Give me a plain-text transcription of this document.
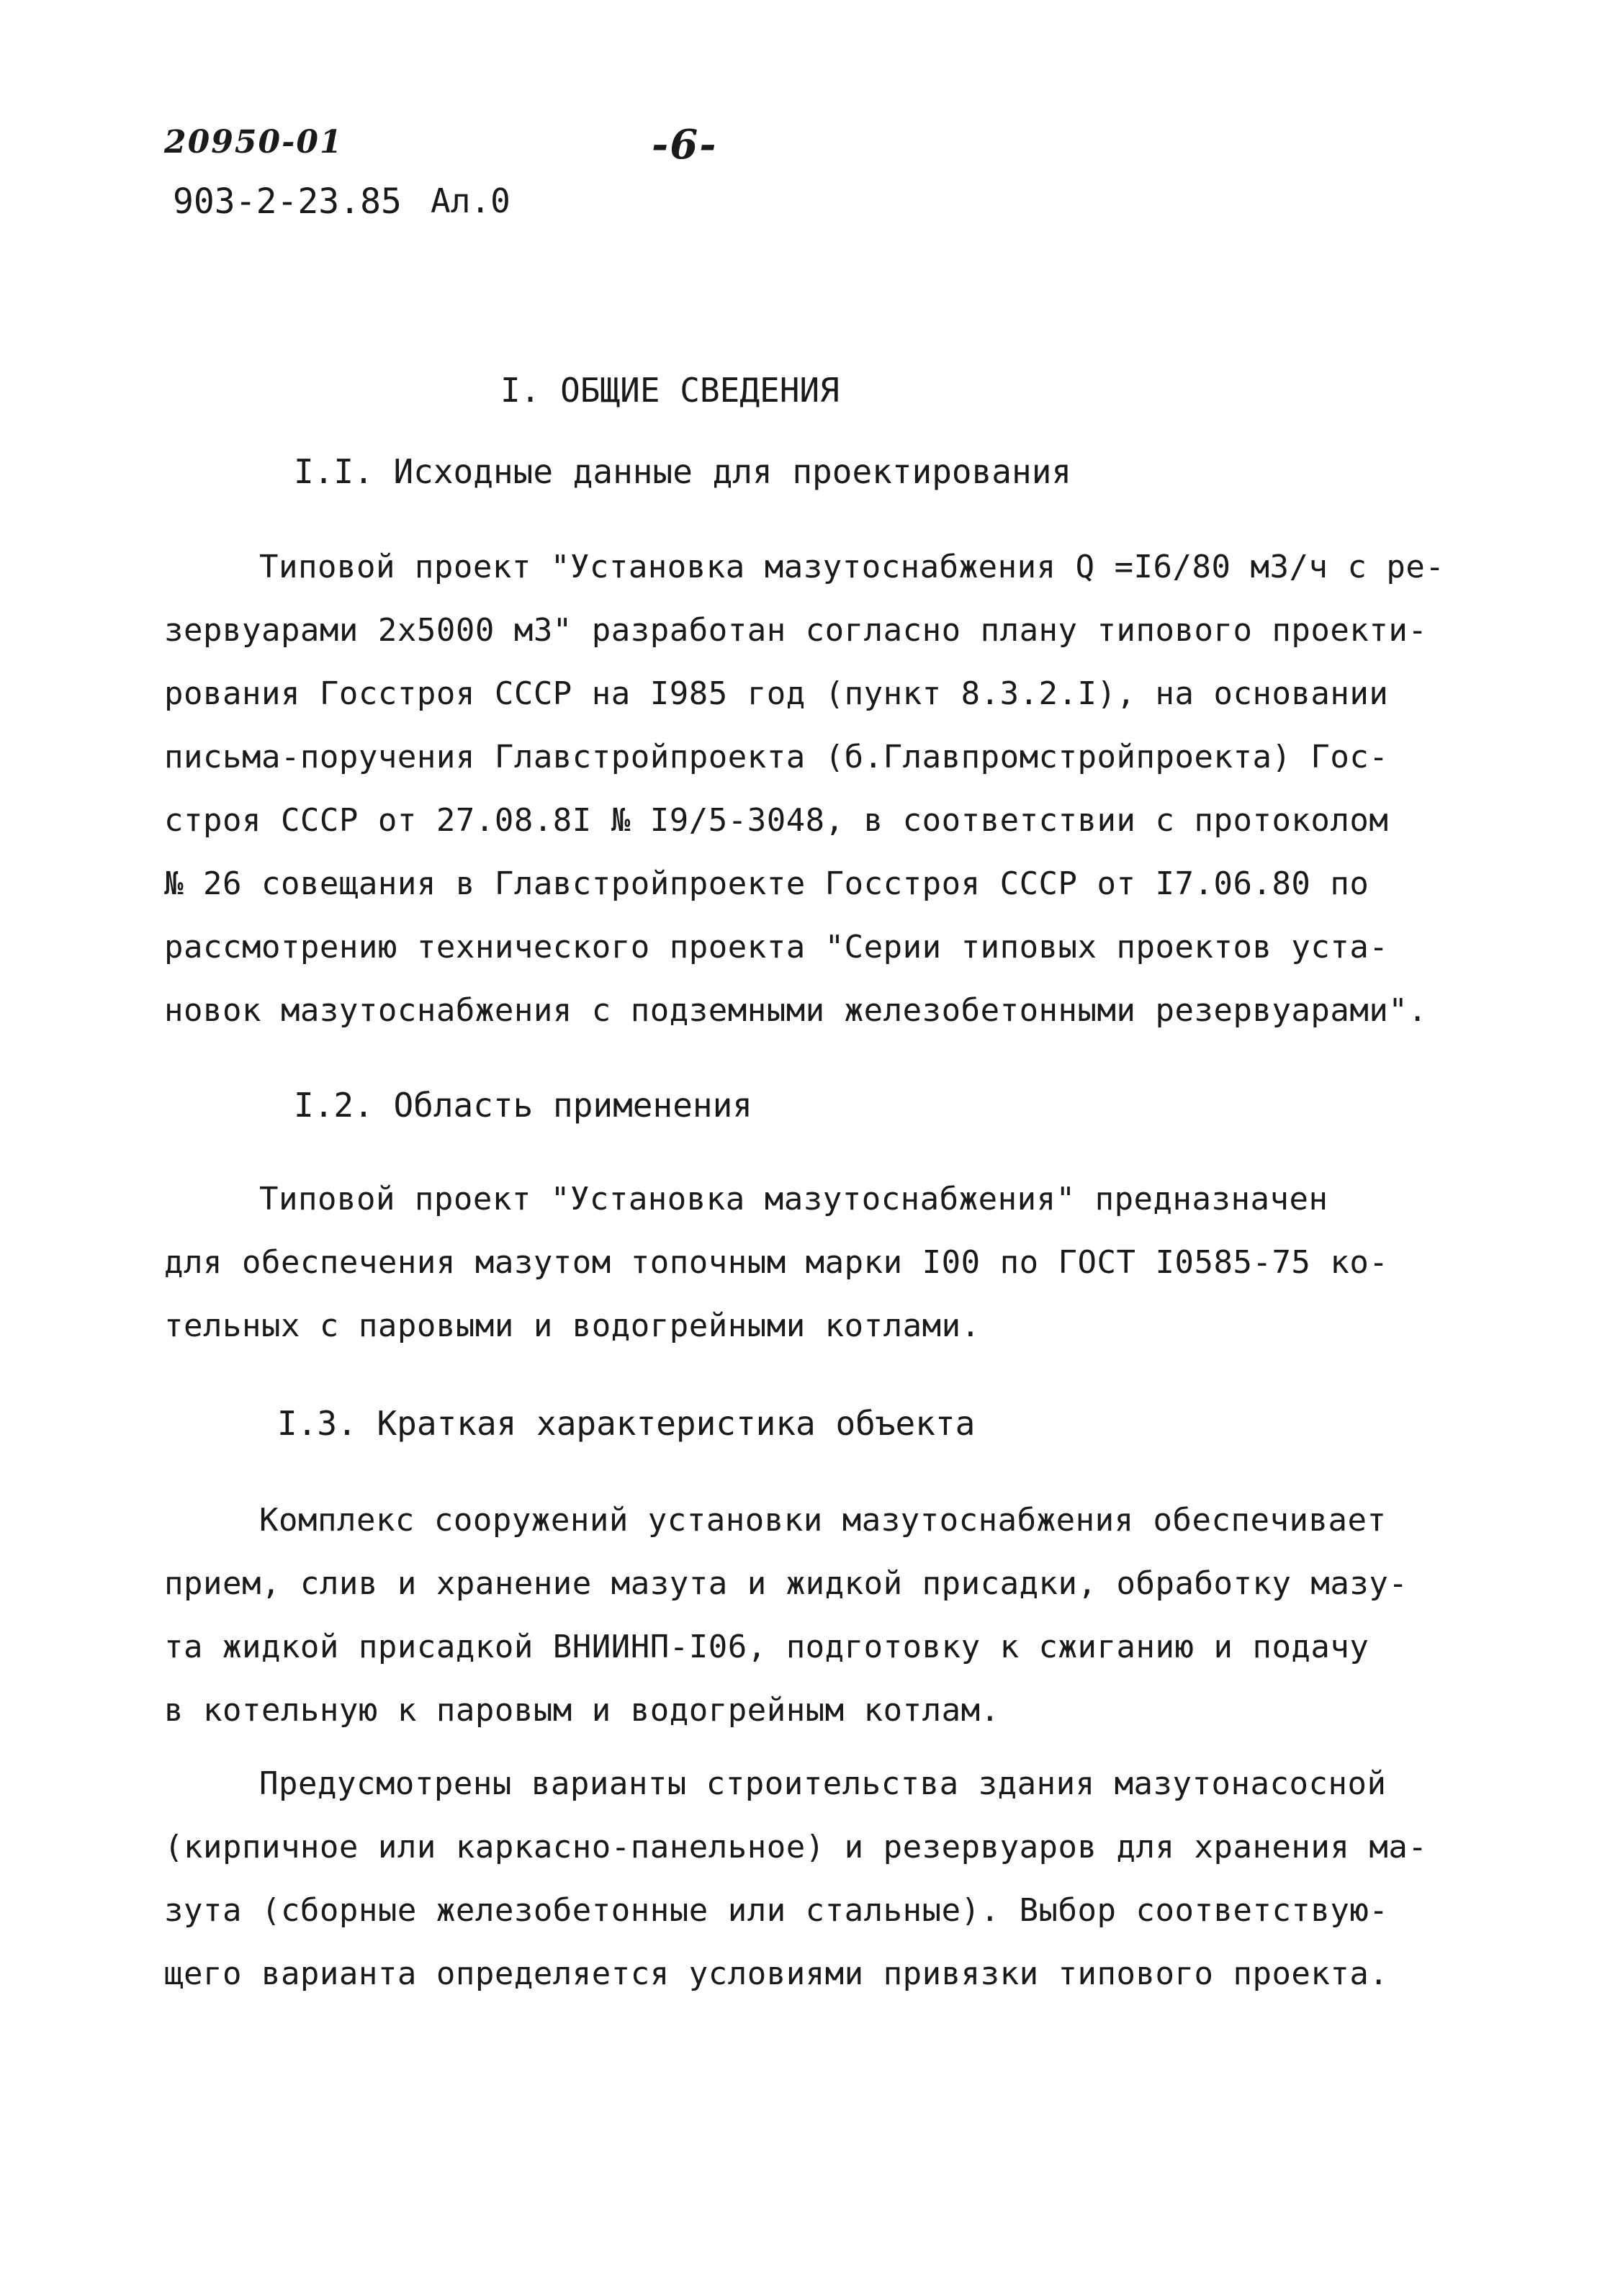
20950-01	-6-
903-2-23.85 Ал.0
I. ОБЩИЕ СВЕДЕНИЯ
I.I. Исходные данные для проектирования
Типовой проект "Установка мазутоснабжения Q =I6/80 м3/ч с ре-
зервуарами 2х5000 м3" разработан согласно плану типового проекти-
рования Госстроя СССР на I985 год (пункт 8.3.2.I), на основании
письма-поручения Главстройпроекта (б.Главпромстройпроекта) Гос-
строя СССР от 27.08.8I № I9/5-3048, в соответствии с протоколом
№ 26 совещания в Главстройпроекте Госстроя СССР от I7.06.80 по
рассмотрению технического проекта "Серии типовых проектов уста-
новок мазутоснабжения с подземными железобетонными резервуарами".
I.2. Область применения
Типовой проект "Установка мазутоснабжения" предназначен
для обеспечения мазутом топочным марки I00 по ГОСТ I0585-75 ко-
тельных с паровыми и водогрейными котлами.
I.3. Краткая характеристика объекта
Комплекс сооружений установки мазутоснабжения обеспечивает
прием, слив и хранение мазута и жидкой присадки, обработку мазу-
та жидкой присадкой ВНИИНП-I06, подготовку к сжиганию и подачу
в котельную к паровым и водогрейным котлам.
Предусмотрены варианты строительства здания мазутонасосной
(кирпичное или каркасно-панельное) и резервуаров для хранения ма-
зута (сборные железобетонные или стальные). Выбор соответствую-
щего варианта определяется условиями привязки типового проекта.
